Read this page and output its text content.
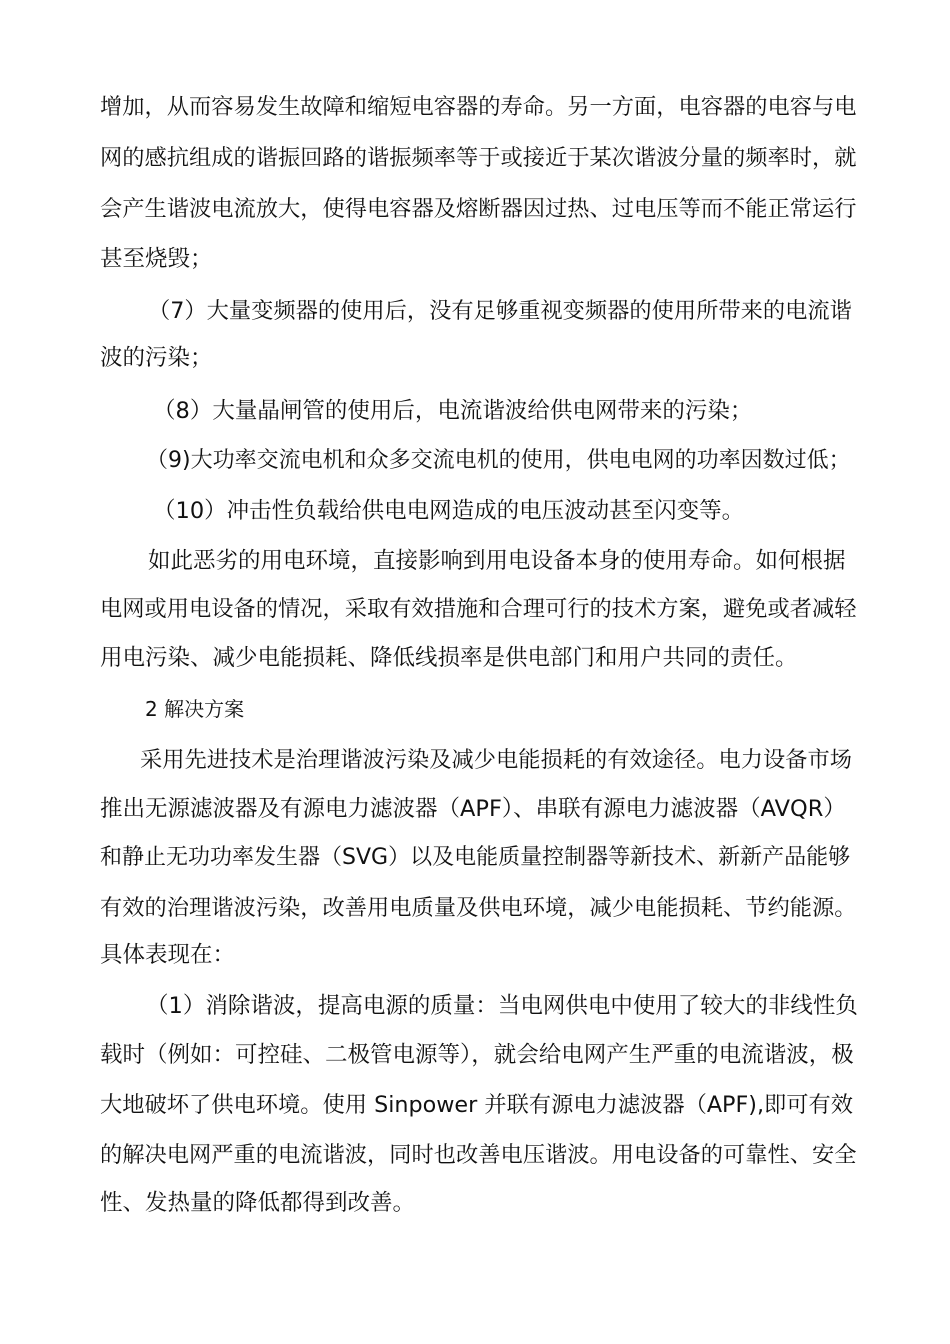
增加，从而容易发生故障和缩短电容器的寿命。另一方面，电容器的电容与电
网的感抗组成的谐振回路的谐振频率等于或接近于某次谐波分量的频率时，就
会产生谐波电流放大，使得电容器及熔断器因过热、过电压等而不能正常运行
甚至烧毁；
（7）大量变频器的使用后，没有足够重视变频器的使用所带来的电流谐
波的污染；
（8）大量晶闸管的使用后，电流谐波给供电网带来的污染；
（9)大功率交流电机和众多交流电机的使用，供电电网的功率因数过低；
（10）冲击性负载给供电电网造成的电压波动甚至闪变等。
如此恶劣的用电环境，直接影响到用电设备本身的使用寿命。如何根据
电网或用电设备的情况，采取有效措施和合理可行的技术方案，避免或者减轻
用电污染、减少电能损耗、降低线损率是供电部门和用户共同的责任。
2 解决方案
采用先进技术是治理谐波污染及减少电能损耗的有效途径。电力设备市场
推出无源滤波器及有源电力滤波器（APF）、串联有源电力滤波器（AVQR）
和静止无功功率发生器（SVG）以及电能质量控制器等新技术、新新产品能够
有效的治理谐波污染，改善用电质量及供电环境，减少电能损耗、节约能源。
具体表现在：
（1）消除谐波，提高电源的质量：当电网供电中使用了较大的非线性负
载时（例如：可控硅、二极管电源等），就会给电网产生严重的电流谐波，极
大地破坏了供电环境。使用 Sinpower 并联有源电力滤波器（APF),即可有效
的解决电网严重的电流谐波，同时也改善电压谐波。用电设备的可靠性、安全
性、发热量的降低都得到改善。
